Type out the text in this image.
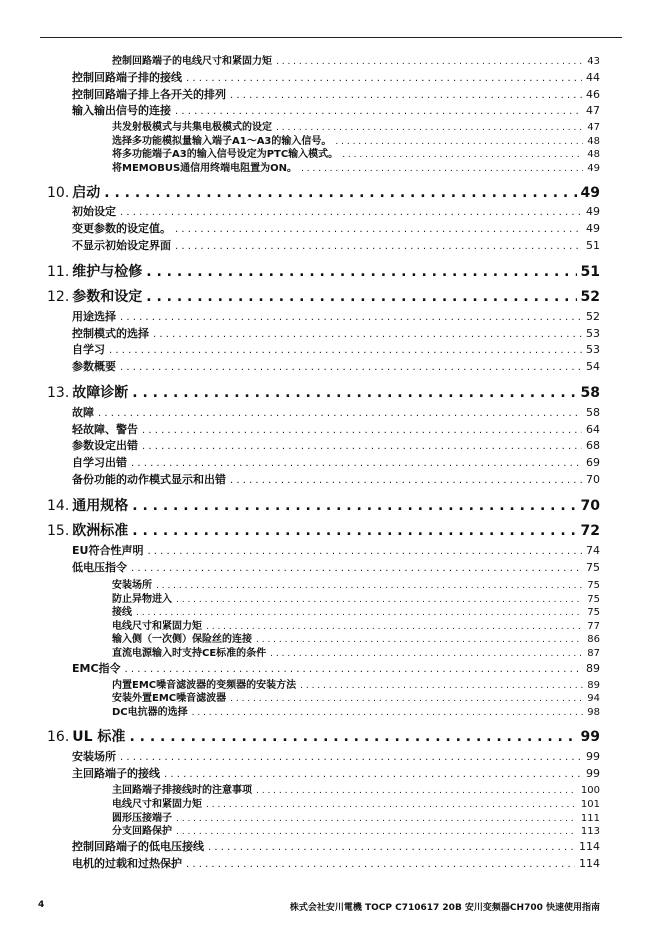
控制回路端子的电线尺寸和紧固力矩 . . .	43
控制回路端子排的接线 . . .	44
控制回路端子排上各开关的排列 . . .	46
输入输出信号的连接 . . .	47
共发射极模式与共集电极模式的设定 . . .	47
选择多功能模拟量输入端子A1～A3的输入信号。 . . .	48
将多功能端子A3的输入信号设定为PTC输入模式。 . . .	48
将MEMOBUS通信用终端电阻置为ON。 . . .	49
10. 启动 . . .	49
初始设定 . . .	49
变更参数的设定值。 . . .	49
不显示初始设定界面 . . .	51
11. 维护与检修 . . .	51
12. 参数和设定 . . .	52
用途选择 . . .	52
控制模式的选择 . . .	53
自学习 . . .	53
参数概要 . . .	54
13. 故障诊断 . . .	58
故障 . . .	58
轻故障、警告 . . .	64
参数设定出错 . . .	68
自学习出错 . . .	69
备份功能的动作模式显示和出错 . . .	70
14. 通用规格 . . .	70
15. 欧洲标准 . . .	72
EU符合性声明 . . .	74
低电压指令 . . .	75
安装场所 . . .	75
防止异物进入 . . .	75
接线 . . .	75
电线尺寸和紧固力矩 . . .	77
输入侧（一次侧）保险丝的连接 . . .	86
直流电源输入时支持CE标准的条件 . . .	87
EMC指令 . . .	89
内置EMC噪音滤波器的变频器的安装方法 . . .	89
安装外置EMC噪音滤波器 . . .	94
DC电抗器的选择 . . .	98
16. UL 标准 . . .	99
安装场所 . . .	99
主回路端子的接线 . . .	99
主回路端子排接线时的注意事项 . . .	100
电线尺寸和紧固力矩 . . .	101
圆形压接端子 . . .	111
分支回路保护 . . .	113
控制回路端子的低电压接线 . . .	114
电机的过载和过热保护 . . .	114
4	株式会社安川電機 TOCP C710617 20B 安川变频器CH700 快速使用指南
